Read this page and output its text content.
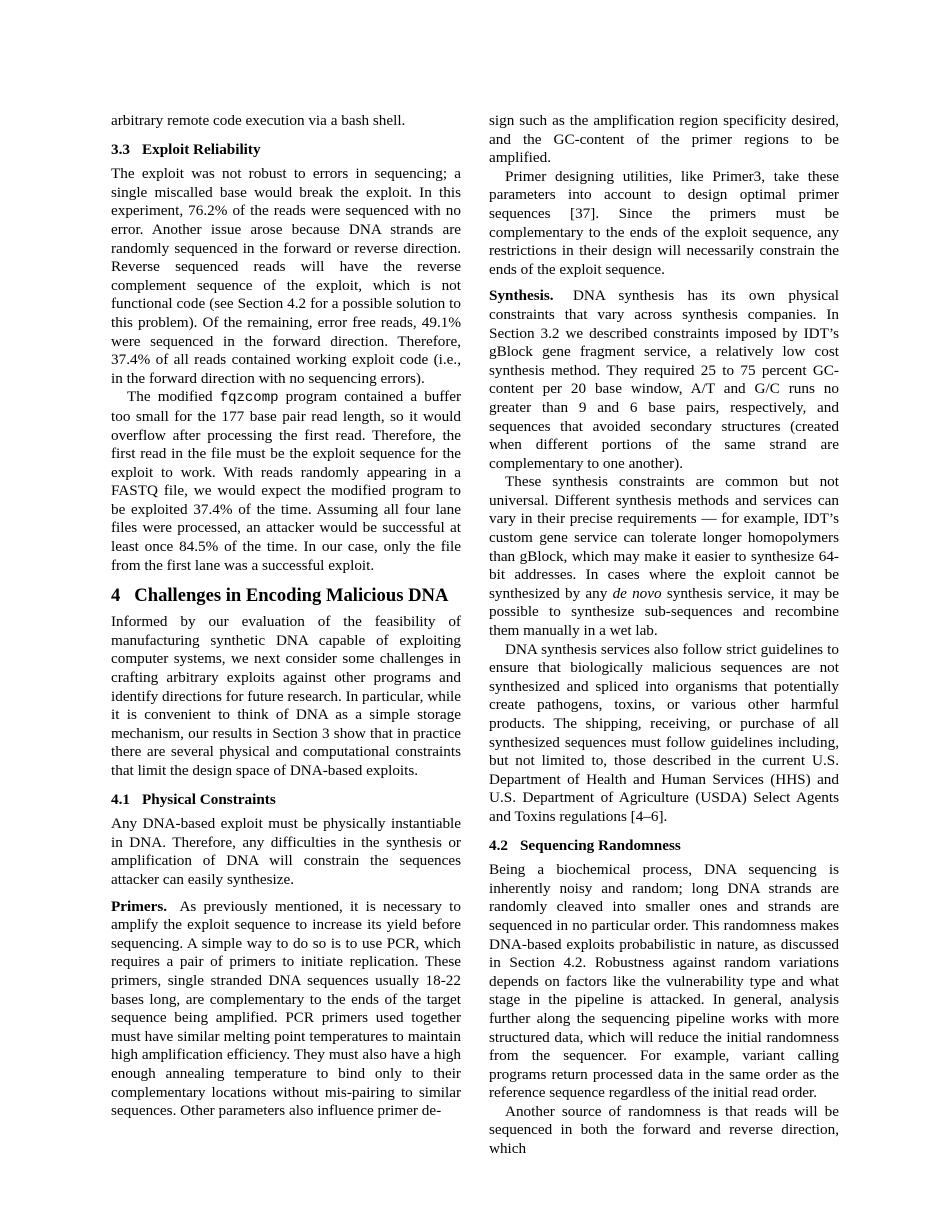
arbitrary remote code execution via a bash shell.

3.3 Exploit Reliability

The exploit was not robust to errors in sequencing; a single miscalled base would break the exploit. In this experiment, 76.2% of the reads were sequenced with no error. Another issue arose because DNA strands are randomly sequenced in the forward or reverse direction. Reverse sequenced reads will have the reverse complement sequence of the exploit, which is not functional code (see Section 4.2 for a possible solution to this problem). Of the remaining, error free reads, 49.1% were sequenced in the forward direction. Therefore, 37.4% of all reads contained working exploit code (i.e., in the forward direction with no sequencing errors).

The modified fqzcomp program contained a buffer too small for the 177 base pair read length, so it would overflow after processing the first read. Therefore, the first read in the file must be the exploit sequence for the exploit to work. With reads randomly appearing in a FASTQ file, we would expect the modified program to be exploited 37.4% of the time. Assuming all four lane files were processed, an attacker would be successful at least once 84.5% of the time. In our case, only the file from the first lane was a successful exploit.

4 Challenges in Encoding Malicious DNA

Informed by our evaluation of the feasibility of manufacturing synthetic DNA capable of exploiting computer systems, we next consider some challenges in crafting arbitrary exploits against other programs and identify directions for future research. In particular, while it is convenient to think of DNA as a simple storage mechanism, our results in Section 3 show that in practice there are several physical and computational constraints that limit the design space of DNA-based exploits.

4.1 Physical Constraints

Any DNA-based exploit must be physically instantiable in DNA. Therefore, any difficulties in the synthesis or amplification of DNA will constrain the sequences attacker can easily synthesize.

Primers. As previously mentioned, it is necessary to amplify the exploit sequence to increase its yield before sequencing. A simple way to do so is to use PCR, which requires a pair of primers to initiate replication. These primers, single stranded DNA sequences usually 18-22 bases long, are complementary to the ends of the target sequence being amplified. PCR primers used together must have similar melting point temperatures to maintain high amplification efficiency. They must also have a high enough annealing temperature to bind only to their complementary locations without mis-pairing to similar sequences. Other parameters also influence primer de-

sign such as the amplification region specificity desired, and the GC-content of the primer regions to be amplified.

Primer designing utilities, like Primer3, take these parameters into account to design optimal primer sequences [37]. Since the primers must be complementary to the ends of the exploit sequence, any restrictions in their design will necessarily constrain the ends of the exploit sequence.

Synthesis. DNA synthesis has its own physical constraints that vary across synthesis companies. In Section 3.2 we described constraints imposed by IDT’s gBlock gene fragment service, a relatively low cost synthesis method. They required 25 to 75 percent GC-content per 20 base window, A/T and G/C runs no greater than 9 and 6 base pairs, respectively, and sequences that avoided secondary structures (created when different portions of the same strand are complementary to one another).

These synthesis constraints are common but not universal. Different synthesis methods and services can vary in their precise requirements — for example, IDT’s custom gene service can tolerate longer homopolymers than gBlock, which may make it easier to synthesize 64-bit addresses. In cases where the exploit cannot be synthesized by any de novo synthesis service, it may be possible to synthesize sub-sequences and recombine them manually in a wet lab.

DNA synthesis services also follow strict guidelines to ensure that biologically malicious sequences are not synthesized and spliced into organisms that potentially create pathogens, toxins, or various other harmful products. The shipping, receiving, or purchase of all synthesized sequences must follow guidelines including, but not limited to, those described in the current U.S. Department of Health and Human Services (HHS) and U.S. Department of Agriculture (USDA) Select Agents and Toxins regulations [4–6].

4.2 Sequencing Randomness

Being a biochemical process, DNA sequencing is inherently noisy and random; long DNA strands are randomly cleaved into smaller ones and strands are sequenced in no particular order. This randomness makes DNA-based exploits probabilistic in nature, as discussed in Section 4.2. Robustness against random variations depends on factors like the vulnerability type and what stage in the pipeline is attacked. In general, analysis further along the sequencing pipeline works with more structured data, which will reduce the initial randomness from the sequencer. For example, variant calling programs return processed data in the same order as the reference sequence regardless of the initial read order.

Another source of randomness is that reads will be sequenced in both the forward and reverse direction, which
